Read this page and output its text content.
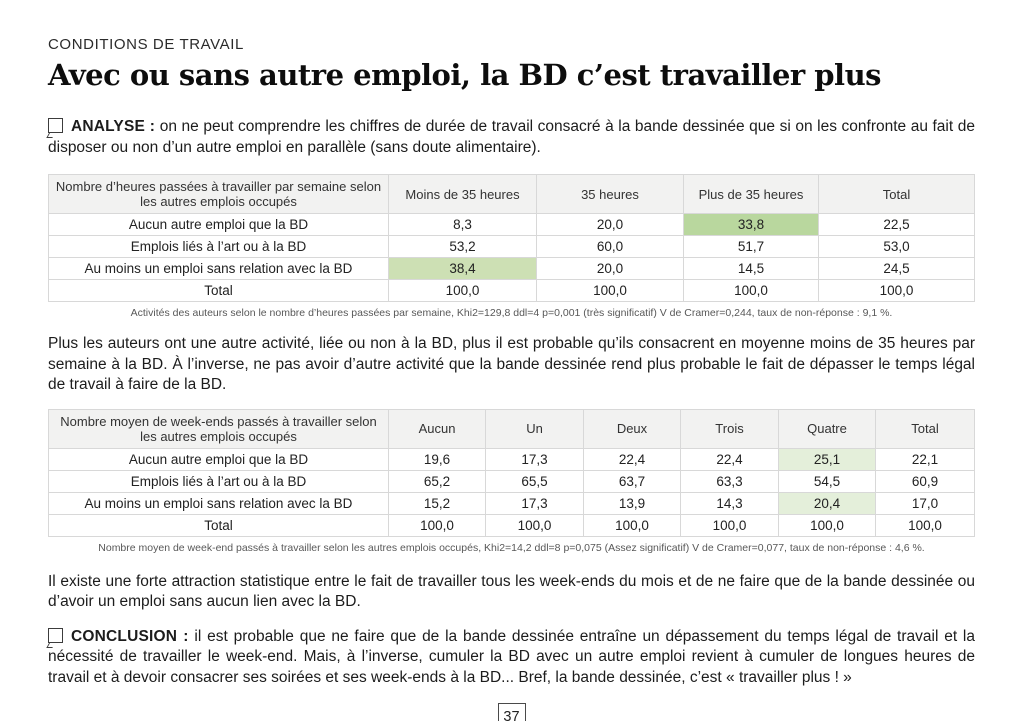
CONDITIONS DE TRAVAIL
Avec ou sans autre emploi, la BD c’est travailler plus

ANALYSE : on ne peut comprendre les chiffres de durée de travail consacré à la bande dessinée que si on les confronte au fait de disposer ou non d’un autre emploi en parallèle (sans doute alimentaire).

Nombre d’heures passées à travailler par semaine selon les autres emplois occupés	Moins de 35 heures	35 heures	Plus de 35 heures	Total
Aucun autre emploi que la BD	8,3	20,0	33,8	22,5
Emplois liés à l’art ou à la BD	53,2	60,0	51,7	53,0
Au moins un emploi sans relation avec la BD	38,4	20,0	14,5	24,5
Total	100,0	100,0	100,0	100,0
Activités des auteurs selon le nombre d’heures passées par semaine, Khi2=129,8 ddl=4 p=0,001 (très significatif) V de Cramer=0,244, taux de non-réponse : 9,1 %.

Plus les auteurs ont une autre activité, liée ou non à la BD, plus il est probable qu’ils consacrent en moyenne moins de 35 heures par semaine à la BD. À l’inverse, ne pas avoir d’autre activité que la bande dessinée rend plus probable le fait de dépasser le temps légal de travail à faire de la BD.

Nombre moyen de week-ends passés à travailler selon les autres emplois occupés	Aucun	Un	Deux	Trois	Quatre	Total
Aucun autre emploi que la BD	19,6	17,3	22,4	22,4	25,1	22,1
Emplois liés à l’art ou à la BD	65,2	65,5	63,7	63,3	54,5	60,9
Au moins un emploi sans relation avec la BD	15,2	17,3	13,9	14,3	20,4	17,0
Total	100,0	100,0	100,0	100,0	100,0	100,0
Nombre moyen de week-end passés à travailler selon les autres emplois occupés, Khi2=14,2 ddl=8 p=0,075 (Assez significatif) V de Cramer=0,077, taux de non-réponse : 4,6 %.

Il existe une forte attraction statistique entre le fait de travailler tous les week-ends du mois et de ne faire que de la bande dessinée ou d’avoir un emploi sans aucun lien avec la BD.

CONCLUSION : il est probable que ne faire que de la bande dessinée entraîne un dépassement du temps légal de travail et la nécessité de travailler le week-end. Mais, à l’inverse, cumuler la BD avec un autre emploi revient à cumuler de longues heures de travail et à devoir consacrer ses soirées et ses week-ends à la BD... Bref, la bande dessinée, c’est « travailler plus ! »

37
